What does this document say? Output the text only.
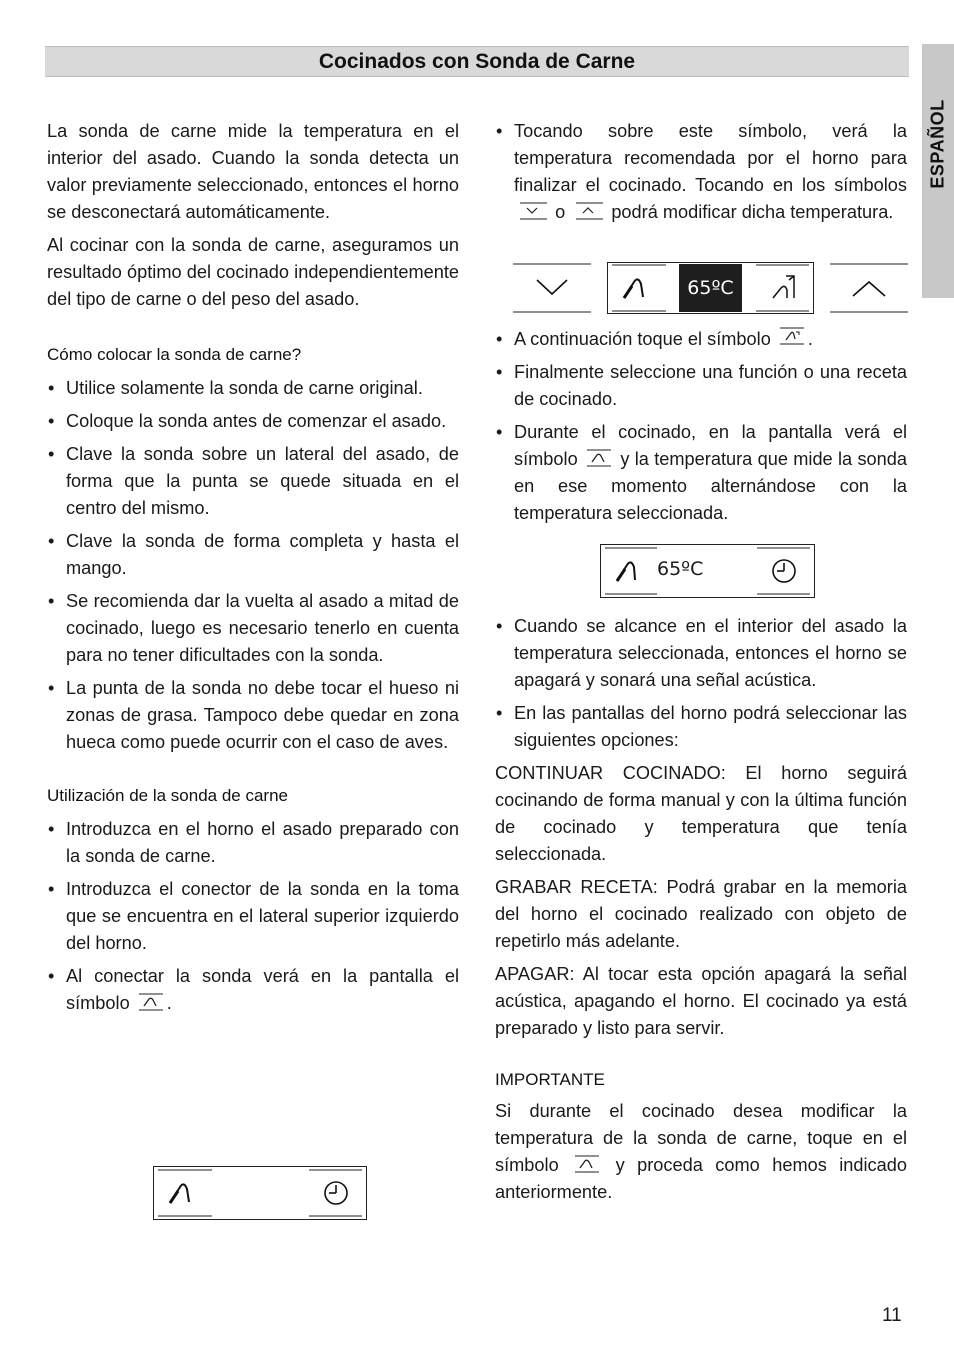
Cocinados con Sonda de Carne
ESPAÑOL

La sonda de carne mide la temperatura en el interior del asado. Cuando la sonda detecta un valor previamente seleccionado, entonces el horno se desconectará automáticamente.

Al cocinar con la sonda de carne, aseguramos un resultado óptimo del cocinado independientemente del tipo de carne o del peso del asado.

Cómo colocar la sonda de carne?
• Utilice solamente la sonda de carne original.
• Coloque la sonda antes de comenzar el asado.
• Clave la sonda sobre un lateral del asado, de forma que la punta se quede situada en el centro del mismo.
• Clave la sonda de forma completa y hasta el mango.
• Se recomienda dar la vuelta al asado a mitad de cocinado, luego es necesario tenerlo en cuenta para no tener dificultades con la sonda.
• La punta de la sonda no debe tocar el hueso ni zonas de grasa. Tampoco debe quedar en zona hueca como puede ocurrir con el caso de aves.
Utilización de la sonda de carne
• Introduzca en el horno el asado preparado con la sonda de carne.
• Introduzca el conector de la sonda en la toma que se encuentra en el lateral superior izquierdo del horno.
• Al conectar la sonda verá en la pantalla el símbolo .
• Tocando sobre este símbolo, verá la temperatura recomendada por el horno para finalizar el cocinado. Tocando en los símbolos  o	podrá modificar dicha temperatura.
• A continuación toque el símbolo .
• Finalmente seleccione una función o una receta de cocinado.
• Durante el cocinado, en la pantalla verá el símbolo y la temperatura que mide la sonda en ese momento alternándose con la temperatura seleccionada.
• Cuando se alcance en el interior del asado la temperatura seleccionada, entonces el horno se apagará y sonará una señal acústica.
• En las pantallas del horno podrá seleccionar las siguientes opciones:

CONTINUAR COCINADO: El horno seguirá cocinando de forma manual y con la última función de cocinado y temperatura que tenía seleccionada.

GRABAR RECETA: Podrá grabar en la memoria del horno el cocinado realizado con objeto de repetirlo más adelante.

APAGAR: Al tocar esta opción apagará la señal acústica, apagando el horno. El cocinado ya está preparado y listo para servir.

IMPORTANTE

Si durante el cocinado desea modificar la temperatura de la sonda de carne, toque en el símbolo	y proceda como hemos indicado anteriormente.

65ºC
65ºC
11
